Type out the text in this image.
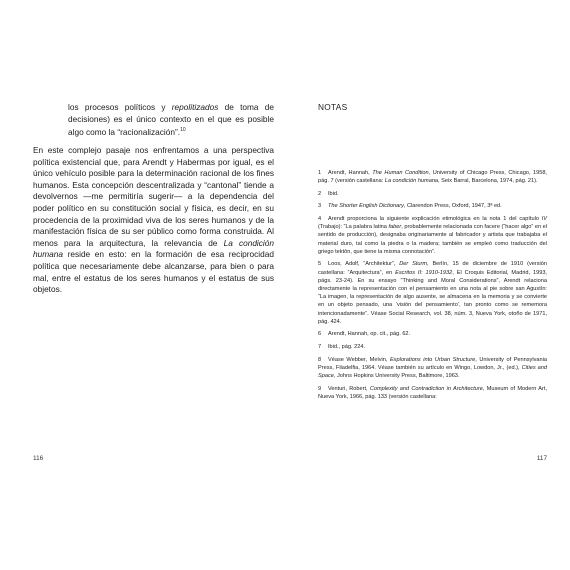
los procesos políticos y repolitizados de toma de decisiones) es el único contexto en el que es posible algo como la “racionalización”.$^{10}$
En este complejo pasaje nos enfrentamos a una perspectiva política existencial que, para Arendt y Habermas por igual, es el único vehículo posible para la determinación racional de los fines humanos. Esta concepción descentralizada y “cantonal” tiende a devolvernos —me permitiría sugerir— a la dependencia del poder político en su constitución social y física, es decir, en su procedencia de la proximidad viva de los seres humanos y de la manifestación física de su ser público como forma construida. Al menos para la arquitectura, la relevancia de La condición humana reside en esto: en la formación de esa reciprocidad política que necesariamente debe alcanzarse, para bien o para mal, entre el estatus de los seres humanos y el estatus de sus objetos.
116
NOTAS
1 Arendt, Hannah, The Human Condition, University of Chicago Press, Chicago, 1958, pág. 7 (versión castellana: La condición humana, Seix Barral, Barcelona, 1974, pág. 21).
2 Ibid.
3 The Shorter English Dictionary, Clarendon Press, Oxford, 1947, 3ª ed.
4 Arendt proporciona la siguiente explicación etimológica en la nota 1 del capítulo IV (Trabajo): “La palabra latina faber, probablemente relacionada con facere (“hacer algo” en el sentido de producción), designaba originariamente al fabricador y artista que trabajaba el material duro, tal como la piedra o la madera; también se empleó como traducción del griego tektōn, que tiene la misma connotación”.
5 Loos, Adolf, “Architektur”, Der Sturm, Berlín, 15 de diciembre de 1910 (versión castellana: “Arquitectura”, en Escritos II: 1910-1932, El Croquis Editorial, Madrid, 1993, págs. 23-24). En su ensayo “Thinking and Moral Considerations”, Arendt relaciona directamente la representación con el pensamiento en una nota al pie sobre san Agustín: “La imagen, la representación de algo ausente, se almacena en la memoria y se convierte en un objeto pensado, una ‘visión del pensamiento’, tan pronto como se rememora intencionadamente”. Véase Social Research, vol. 38, núm. 3, Nueva York, otoño de 1971, pág. 424.
6 Arendt, Hannah, op. cit., pág. 62.
7 Ibid., pág. 224.
8 Véase Webber, Melvin, Explorations into Urban Structure, University of Pennsylvania Press, Filadelfia, 1964. Véase también su artículo en Wingo, Lowdon, Jr., (ed.), Cities and Space, Johns Hopkins University Press, Baltimore, 1963.
9 Venturi, Robert, Complexity and Contradiction in Architecture, Museum of Modern Art, Nueva York, 1966, pág. 133 (versión castellana:
117
